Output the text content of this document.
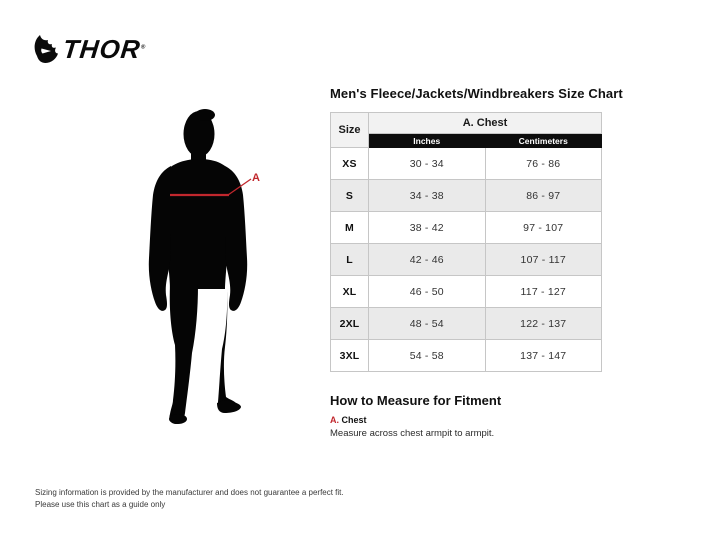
THOR®
A
Men's Fleece/Jackets/Windbreakers Size Chart
Size	A. Chest	
	Inches	Centimeters
XS	30 - 34	76 - 86
S	34 - 38	86 - 97
M	38 - 42	97 - 107
L	42 - 46	107 - 117
XL	46 - 50	117 - 127
2XL	48 - 54	122 - 137
3XL	54 - 58	137 - 147
How to Measure for Fitment
A. Chest
Measure across chest armpit to armpit.
Sizing information is provided by the manufacturer and does not guarantee a perfect fit.
Please use this chart as a guide only
